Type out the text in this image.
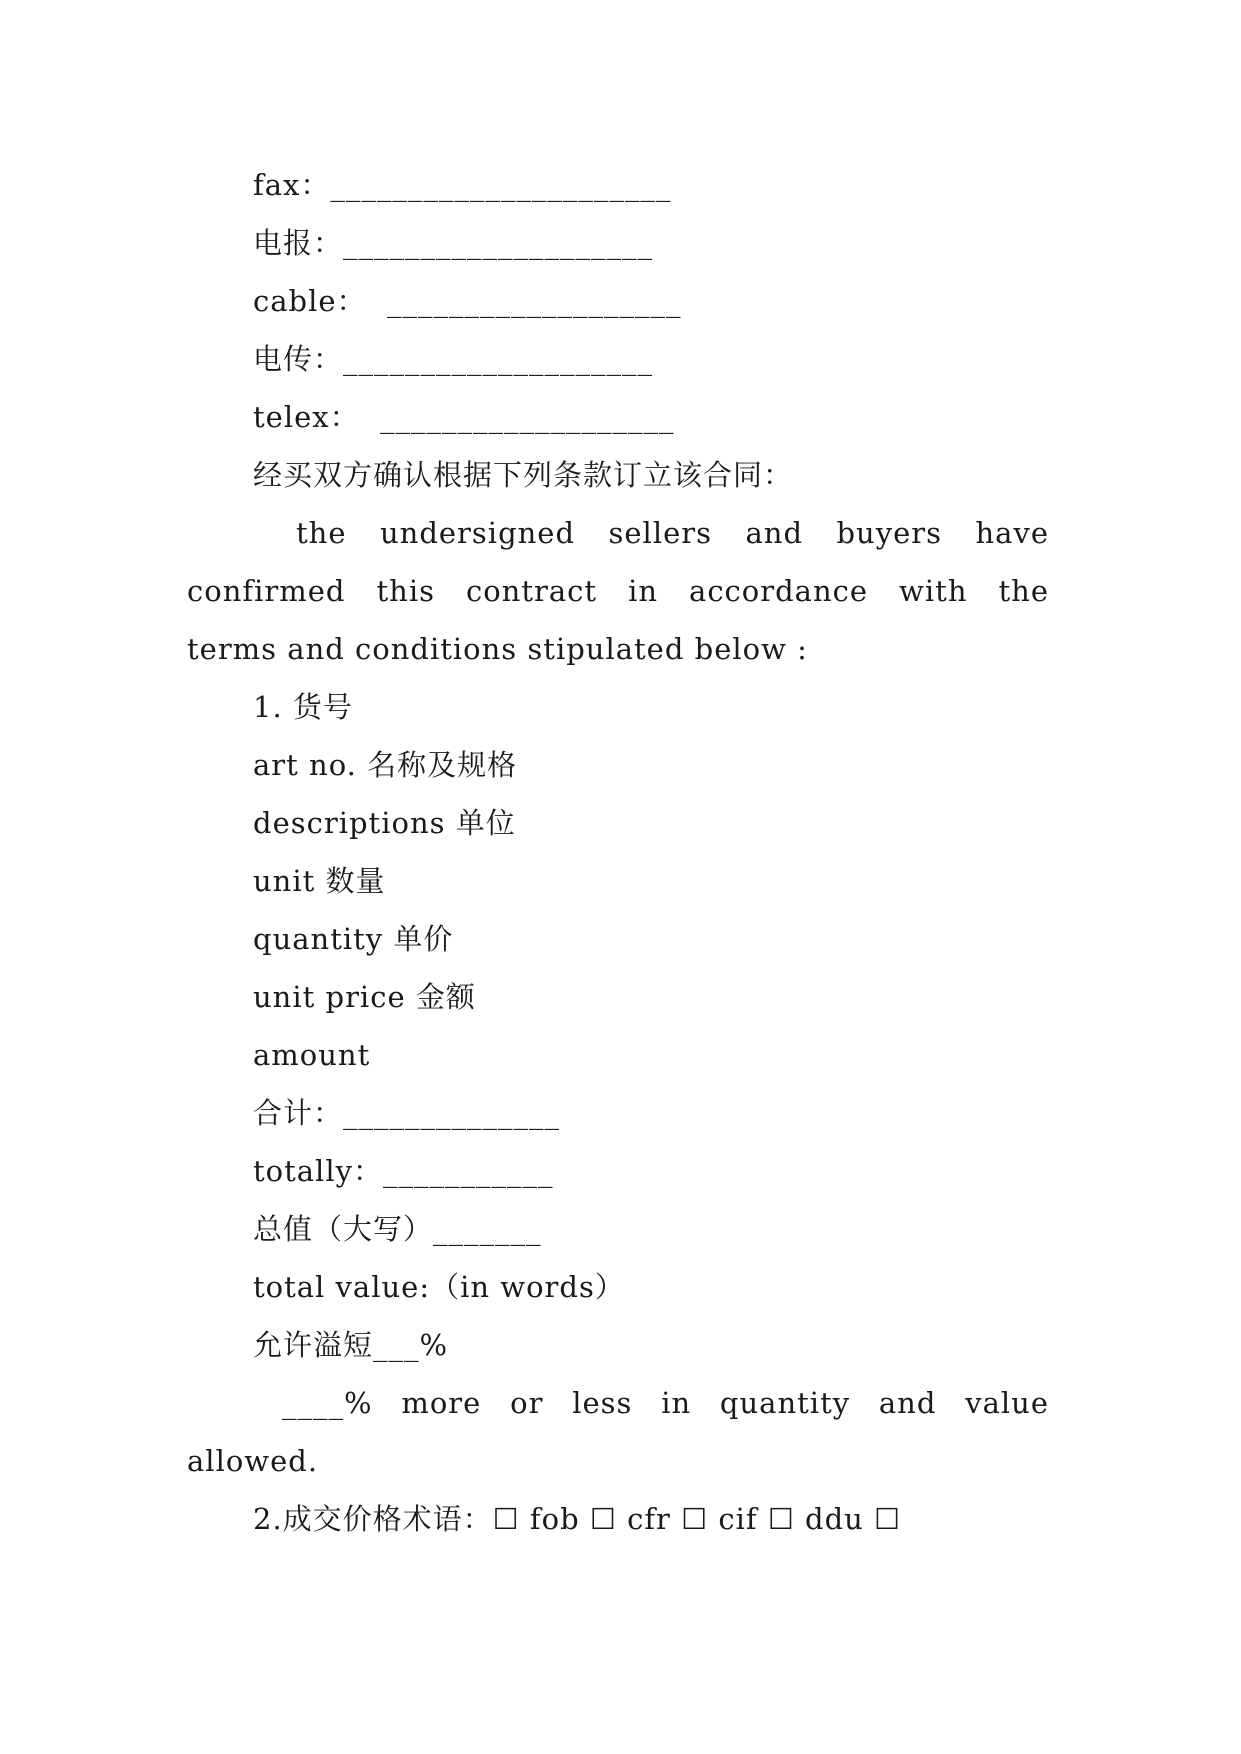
fax：______________________
电报：____________________
cable：  ___________________
电传：____________________
telex：  ___________________
经买双方确认根据下列条款订立该合同：
the undersigned sellers and buyers have
confirmed this contract in accordance with the
terms and conditions stipulated below :
1. 货号
art no. 名称及规格
descriptions 单位
unit 数量
quantity 单价
unit price 金额
amount
合计：______________
totally：___________
总值（大写）_______
total value:（in words）
允许溢短___%
____% more or less in quantity and value
allowed.
2.成交价格术语：☐ fob ☐ cfr ☐ cif ☐ ddu ☐
